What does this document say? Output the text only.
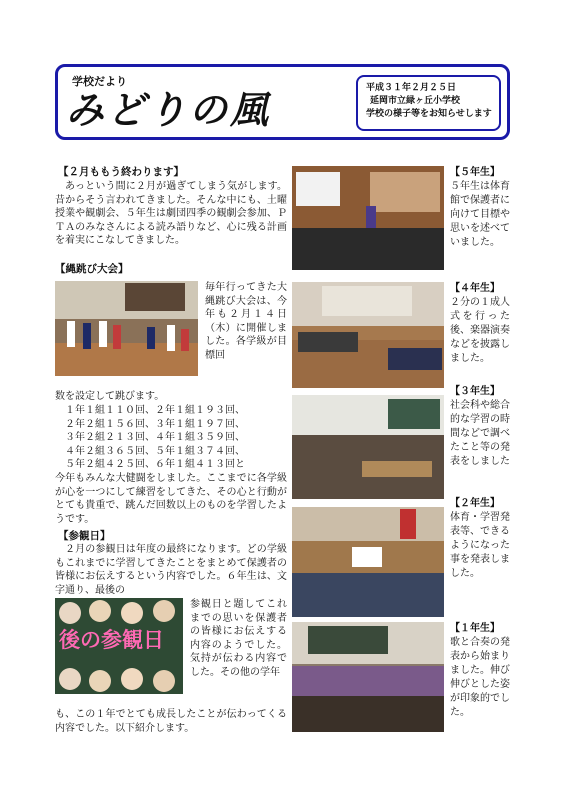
学校だより
みどりの風	平成３１年２月２５日
延岡市立緑ヶ丘小学校
学校の様子等をお知らせします
【２月ももう終わります】

あっという間に２月が過ぎてしまう気がします。昔からそう言われてきました。そんな中にも、土曜授業や観劇会、５年生は劇団四季の観劇会参加、ＰＴＡのみなさんによる読み語りなど、心に残る計画を着実にこなしてきました。

【縄跳び大会】

毎年行ってきた大縄跳び大会は、今年も２月１４日（木）に開催しました。各学級が目標回

数を設定して跳びます。

１年１組１１０回、２年１組１９３回、
２年２組１５６回、３年１組１９７回、
３年２組２１３回、４年１組３５９回、
４年２組３６５回、５年１組３７４回、
５年２組４２５回、６年１組４１３回と

今年もみんな大健闘をしました。ここまでに各学級が心を一つにして練習をしてきた、その心と行動がとても貴重で、跳んだ回数以上のものを学習したようです。

【参観日】

２月の参観日は年度の最終になります。どの学級もこれまでに学習してきたことをまとめて保護者の皆様にお伝えするという内容でした。６年生は、文字通り、最後の

後の参観日

参観日と題してこれまでの思いを保護者の皆様にお伝えする内容のようでした。気持が伝わる内容でした。その他の学年

も、この１年でとても成長したことが伝わってくる内容でした。以下紹介します。

【５年生】
５年生は体育館で保護者に向けて目標や思いを述べていました。

【４年生】
２分の１成人式を行った後、楽器演奏などを披露しました。

【３年生】
社会科や総合的な学習の時間などで調べたこと等の発表をしました

【２年生】
体育・学習発表等、できるようになった事を発表しました。

【１年生】
歌と合奏の発表から始まりました。伸び伸びとした姿が印象的でした。
